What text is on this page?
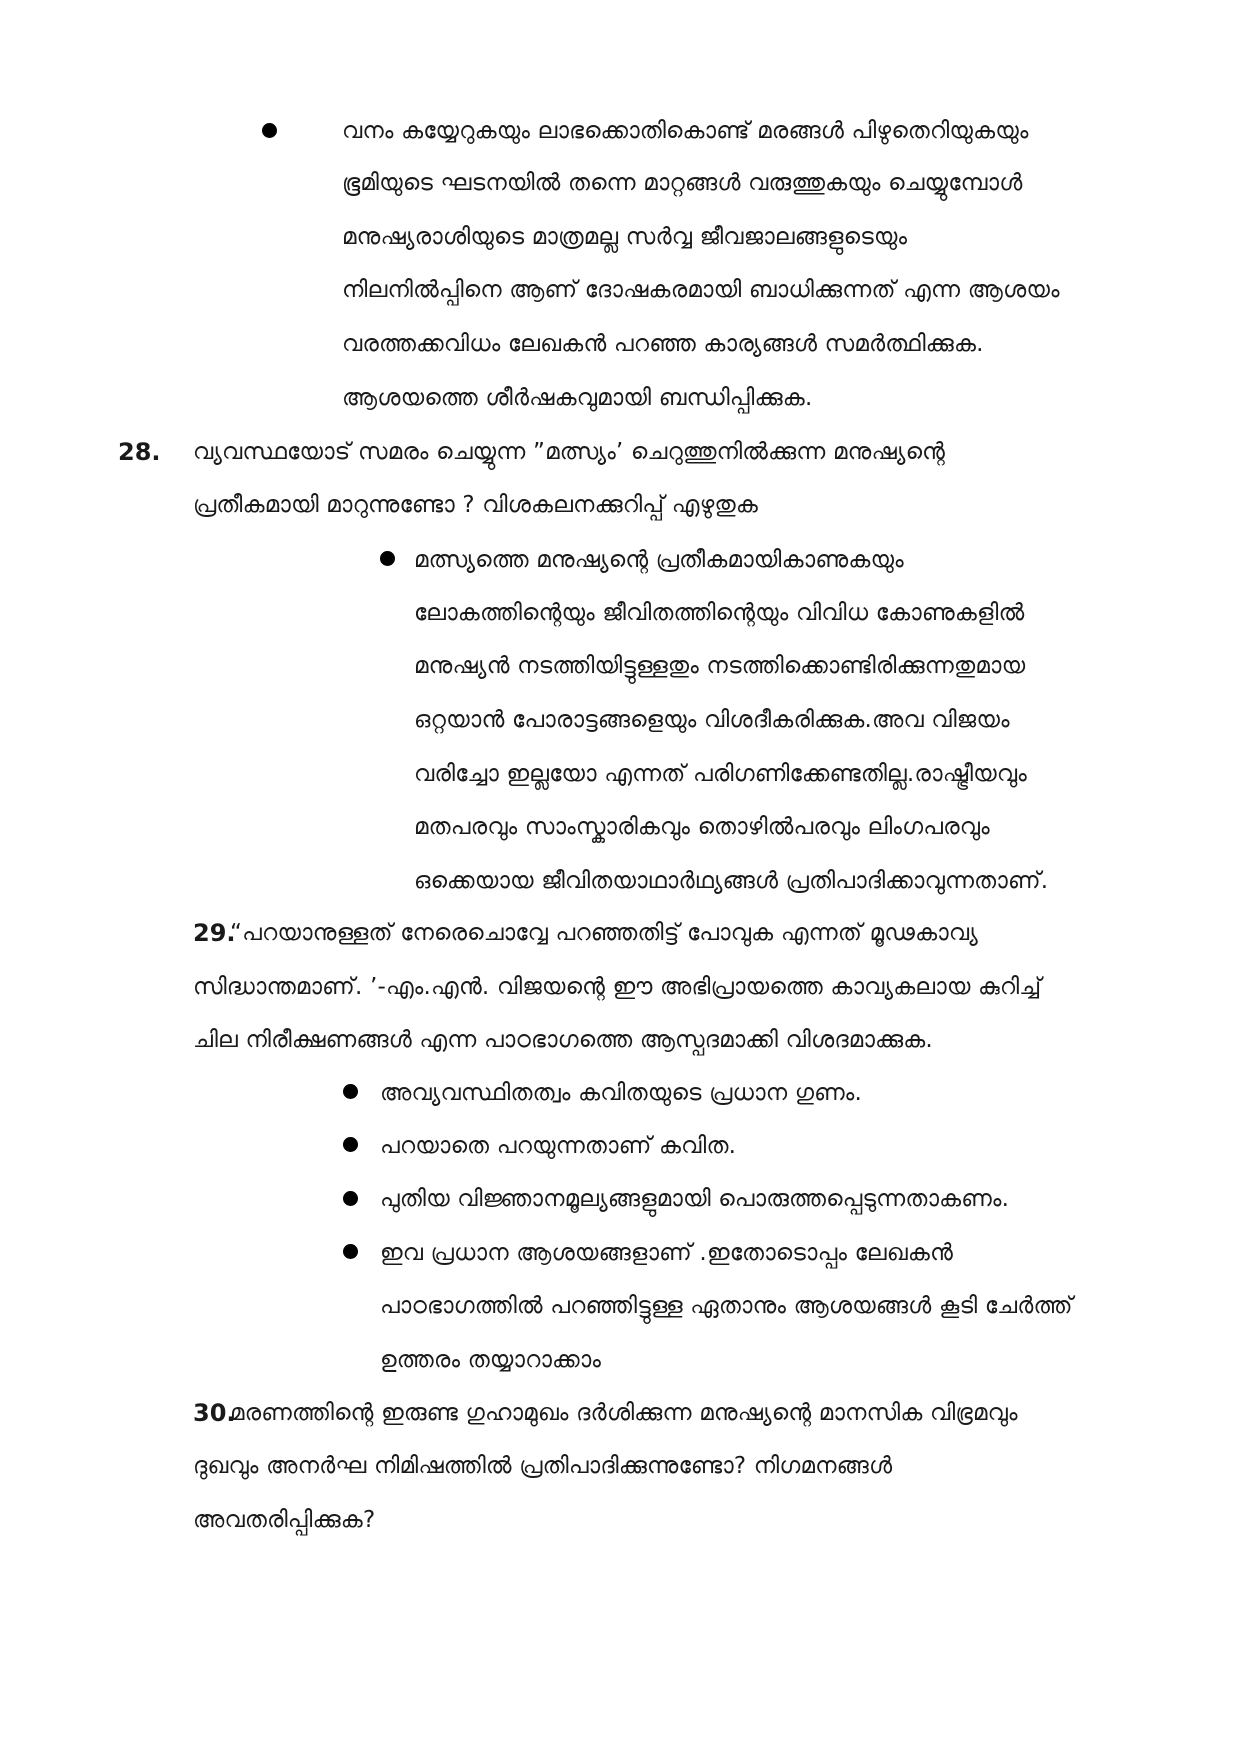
വനം കയ്യേറുകയും ലാഭക്കൊതികൊണ്ട് മരങ്ങൾ പിഴുതെറിയുകയും
ഭൂമിയുടെ ഘടനയിൽ തന്നെ മാറ്റങ്ങൾ വരുത്തുകയും ചെയ്യുമ്പോൾ
മനുഷ്യരാശിയുടെ മാത്രമല്ല സർവ്വ ജീവജാലങ്ങളുടെയും
നിലനിൽപ്പിനെ ആണ് ദോഷകരമായി ബാധിക്കുന്നത് എന്ന ആശയം
വരത്തക്കവിധം ലേഖകൻ പറഞ്ഞ കാര്യങ്ങൾ സമർത്ഥിക്കുക.
ആശയത്തെ ശീർഷകവുമായി ബന്ധിപ്പിക്കുക.
28. വ്യവസ്ഥയോട് സമരം ചെയ്യുന്ന ”മത്സ്യം’ ചെറുത്തുനിൽക്കുന്ന മനുഷ്യന്റെ
പ്രതീകമായി മാറുന്നുണ്ടോ ? വിശകലനക്കുറിപ്പ് എഴുതുക
മത്സ്യത്തെ മനുഷ്യന്റെ പ്രതീകമായികാണുകയും
ലോകത്തിന്റെയും ജീവിതത്തിന്റെയും വിവിധ കോണുകളിൽ
മനുഷ്യൻ നടത്തിയിട്ടുള്ളതും നടത്തിക്കൊണ്ടിരിക്കുന്നതുമായ
ഒറ്റയാൻ പോരാട്ടങ്ങളെയും വിശദീകരിക്കുക.അവ വിജയം
വരിച്ചോ ഇല്ലയോ എന്നത് പരിഗണിക്കേണ്ടതില്ല.രാഷ്ട്രീയവും
മതപരവും സാംസ്കാരികവും തൊഴിൽപരവും ലിംഗപരവും
ഒക്കെയായ ജീവിതയാഥാർഥ്യങ്ങൾ പ്രതിപാദിക്കാവുന്നതാണ്.
29.
“പറയാനുള്ളത് നേരെചൊവ്വേ പറഞ്ഞതിട്ട് പോവുക എന്നത് മൂഢകാവ്യ
സിദ്ധാന്തമാണ്. ’-എം.എൻ. വിജയന്റെ ഈ അഭിപ്രായത്തെ കാവ്യകലായ കുറിച്ച്
ചില നിരീക്ഷണങ്ങൾ എന്ന പാഠഭാഗത്തെ ആസ്പദമാക്കി വിശദമാക്കുക.
അവ്യവസ്ഥിതത്വം കവിതയുടെ പ്രധാന ഗുണം.
പറയാതെ പറയുന്നതാണ് കവിത.
പുതിയ വിജ്ഞാനമൂല്യങ്ങളുമായി പൊരുത്തപ്പെടുന്നതാകണം.
ഇവ പ്രധാന ആശയങ്ങളാണ് .ഇതോടൊപ്പം ലേഖകൻ
പാഠഭാഗത്തിൽ പറഞ്ഞിട്ടുള്ള ഏതാനും ആശയങ്ങൾ കൂടി ചേർത്ത്
ഉത്തരം തയ്യാറാക്കാം
30.
മരണത്തിന്റെ ഇരുണ്ട ഗുഹാമുഖം ദർശിക്കുന്ന മനുഷ്യന്റെ മാനസിക വിഭ്രമവും
ദുഖവും അനർഘ നിമിഷത്തിൽ പ്രതിപാദിക്കുന്നുണ്ടോ? നിഗമനങ്ങൾ
അവതരിപ്പിക്കുക?
